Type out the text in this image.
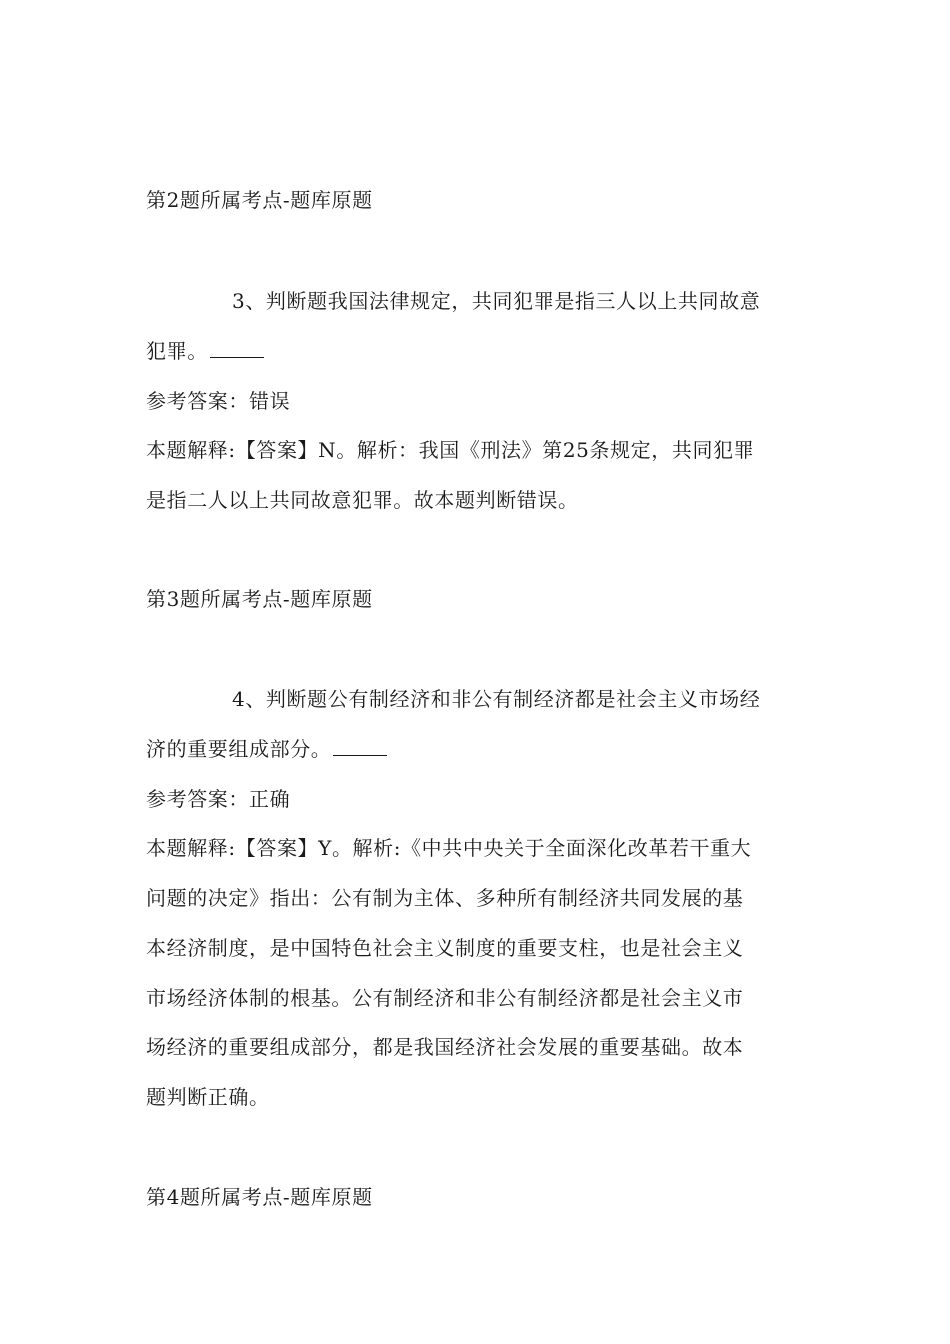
第2题所属考点-题库原题
3、判断题我国法律规定，共同犯罪是指三人以上共同故意
犯罪。
参考答案：错误
本题解释:【答案】N。解析：我国《刑法》第25条规定，共同犯罪
是指二人以上共同故意犯罪。故本题判断错误。
第3题所属考点-题库原题
4、判断题公有制经济和非公有制经济都是社会主义市场经
济的重要组成部分。
参考答案：正确
本题解释:【答案】Y。解析:《中共中央关于全面深化改革若干重大
问题的决定》指出：公有制为主体、多种所有制经济共同发展的基
本经济制度，是中国特色社会主义制度的重要支柱，也是社会主义
市场经济体制的根基。公有制经济和非公有制经济都是社会主义市
场经济的重要组成部分，都是我国经济社会发展的重要基础。故本
题判断正确。
第4题所属考点-题库原题
